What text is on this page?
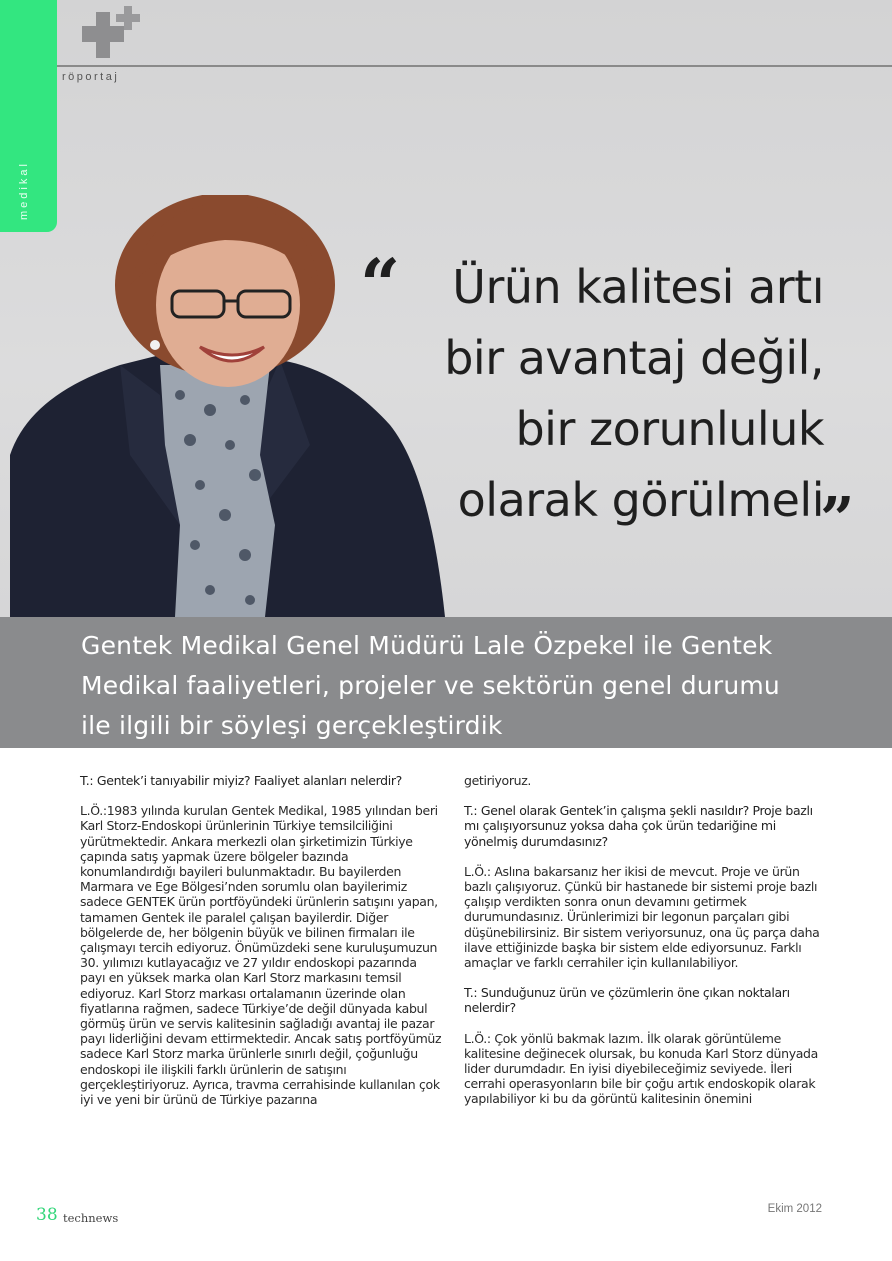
medikal
röportaj
“	Ürün kalitesi artı
bir avantaj değil,
bir zorunluluk
olarak görülmeli
”
Gentek Medikal Genel Müdürü Lale Özpekel ile Gentek
Medikal faaliyetleri, projeler ve sektörün genel durumu
ile ilgili bir söyleşi gerçekleştirdik

T.: Gentek’i tanıyabilir miyiz? Faaliyet alanları nelerdir?

L.Ö.:1983 yılında kurulan Gentek Medikal, 1985 yılından beri Karl Storz-Endoskopi ürünlerinin Türkiye temsilciliğini yürütmektedir. Ankara merkezli olan şirketimizin Türkiye çapında satış yapmak üzere bölgeler bazında konumlandırdığı bayileri bulunmaktadır. Bu bayilerden Marmara ve Ege Bölgesi’nden sorumlu olan bayilerimiz sadece GENTEK ürün portföyündeki ürünlerin satışını yapan, tamamen Gentek ile paralel çalışan bayilerdir. Diğer bölgelerde de, her bölgenin büyük ve bilinen firmaları ile çalışmayı tercih ediyoruz. Önümüzdeki sene kuruluşumuzun 30. yılımızı kutlayacağız ve 27 yıldır endoskopi pazarında payı en yüksek marka olan Karl Storz markasını temsil ediyoruz. Karl Storz markası ortalamanın üzerinde olan fiyatlarına rağmen, sadece Türkiye’de değil dünyada kabul görmüş ürün ve servis kalitesinin sağladığı avantaj ile pazar payı liderliğini devam ettirmektedir. Ancak satış portföyümüz sadece Karl Storz marka ürünlerle sınırlı değil, çoğunluğu endoskopi ile ilişkili farklı ürünlerin de satışını gerçekleştiriyoruz. Ayrıca, travma cerrahisinde kullanılan çok iyi ve yeni bir ürünü de Türkiye pazarına

getiriyoruz.

T.: Genel olarak Gentek’in çalışma şekli nasıldır? Proje bazlı mı çalışıyorsunuz yoksa daha çok ürün tedariğine mi yönelmiş durumdasınız?

L.Ö.: Aslına bakarsanız her ikisi de mevcut. Proje ve ürün bazlı çalışıyoruz. Çünkü bir hastanede bir sistemi proje bazlı çalışıp verdikten sonra onun devamını getirmek durumundasınız. Ürünlerimizi bir legonun parçaları gibi düşünebilirsiniz. Bir sistem veriyorsunuz, ona üç parça daha ilave ettiğinizde başka bir sistem elde ediyorsunuz. Farklı amaçlar ve farklı cerrahiler için kullanılabiliyor.

T.: Sunduğunuz ürün ve çözümlerin öne çıkan noktaları nelerdir?

L.Ö.: Çok yönlü bakmak lazım. İlk olarak görüntüleme kalitesine değinecek olursak, bu konuda Karl Storz dünyada lider durumdadır. En iyisi diyebileceğimiz seviyede. İleri cerrahi operasyonların bile bir çoğu artık endoskopik olarak yapılabiliyor ki bu da görüntü kalitesinin önemini

38 technews
Ekim 2012
